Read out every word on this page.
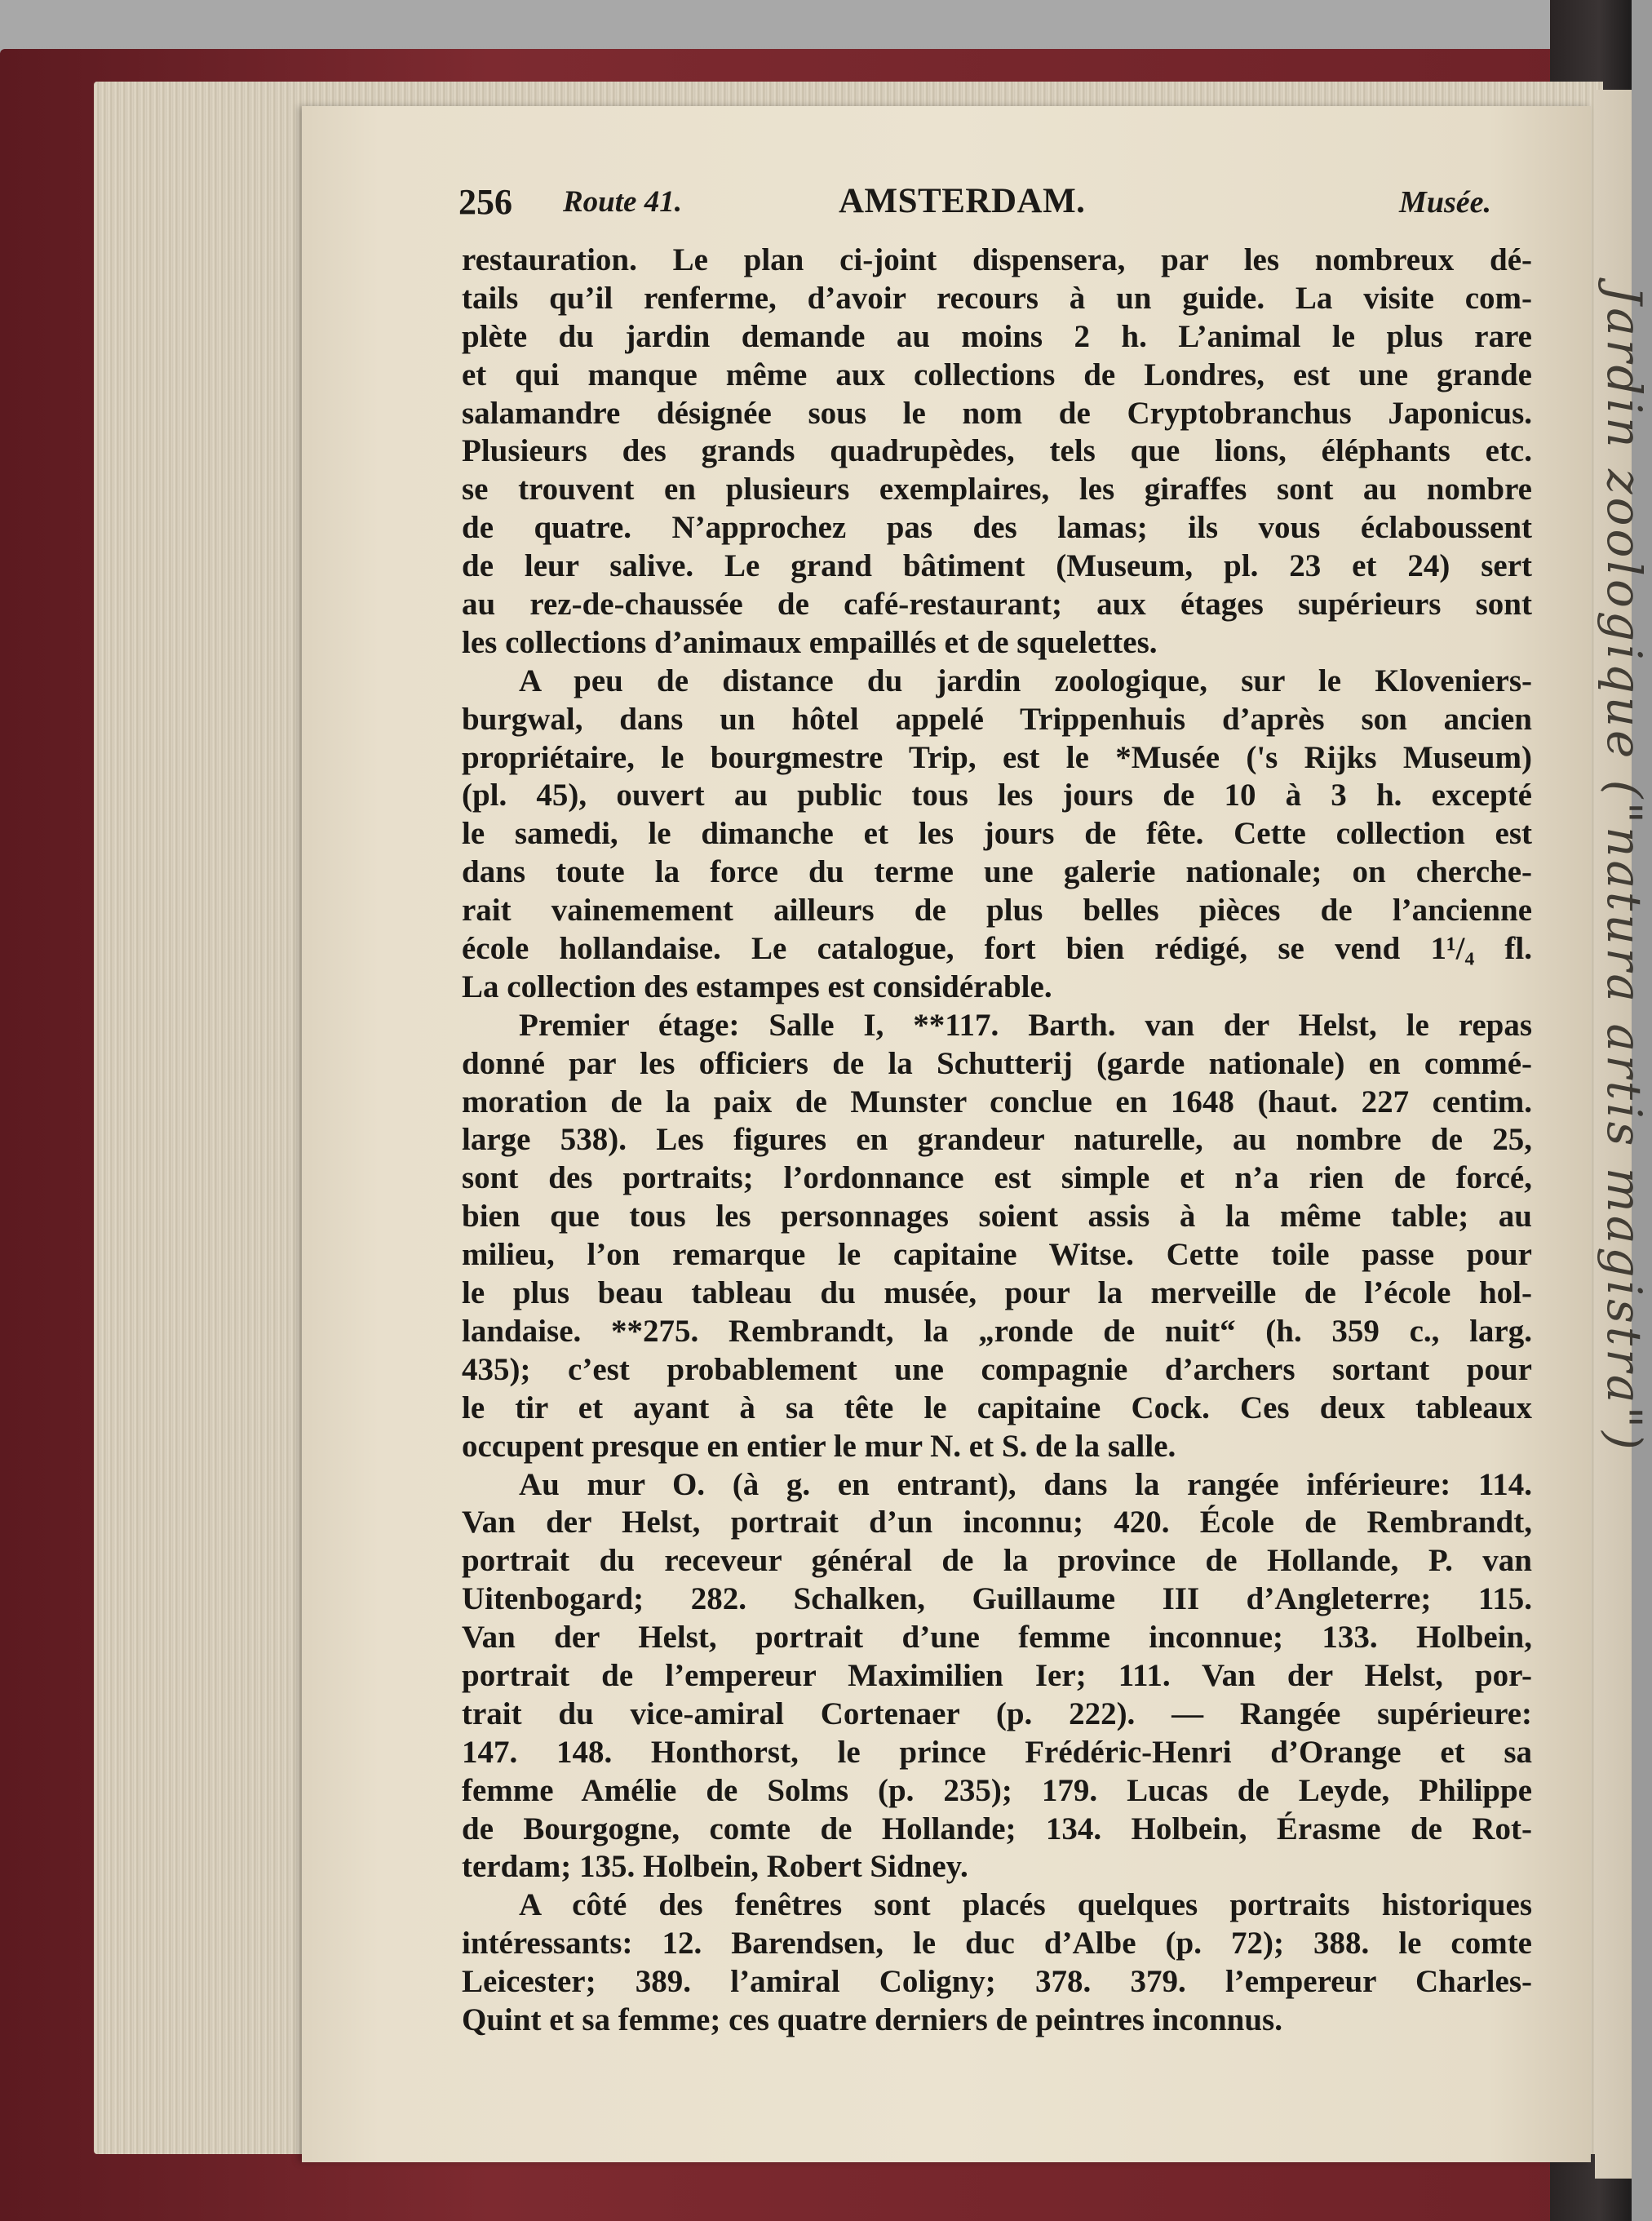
Jardin zoologique ("natura artis magistra")
256 Route 41.	AMSTERDAM.	Musée.
restauration. Le plan ci-joint dispensera, par les nombreux dé-
tails qu’il renferme, d’avoir recours à un guide. La visite com-
plète du jardin demande au moins 2 h. L’animal le plus rare
et qui manque même aux collections de Londres, est une grande
salamandre désignée sous le nom de Cryptobranchus Japonicus.
Plusieurs des grands quadrupèdes, tels que lions, éléphants etc.
se trouvent en plusieurs exemplaires, les giraffes sont au nombre
de quatre. N’approchez pas des lamas; ils vous éclaboussent
de leur salive. Le grand bâtiment (Museum, pl. 23 et 24) sert
au rez-de-chaussée de café-restaurant; aux étages supérieurs sont
les collections d’animaux empaillés et de squelettes.
A peu de distance du jardin zoologique, sur le Kloveniers-
burgwal, dans un hôtel appelé Trippenhuis d’après son ancien
propriétaire, le bourgmestre Trip, est le *Musée ('s Rijks Museum)
(pl. 45), ouvert au public tous les jours de 10 à 3 h. excepté
le samedi, le dimanche et les jours de fête. Cette collection est
dans toute la force du terme une galerie nationale; on cherche-
rait vainemement ailleurs de plus belles pièces de l’ancienne
école hollandaise. Le catalogue, fort bien rédigé, se vend 1¹/₄ fl.
La collection des estampes est considérable.
Premier étage: Salle I, **117. Barth. van der Helst, le repas
donné par les officiers de la Schutterij (garde nationale) en commé-
moration de la paix de Munster conclue en 1648 (haut. 227 centim.
large 538). Les figures en grandeur naturelle, au nombre de 25,
sont des portraits; l’ordonnance est simple et n’a rien de forcé,
bien que tous les personnages soient assis à la même table; au
milieu, l’on remarque le capitaine Witse. Cette toile passe pour
le plus beau tableau du musée, pour la merveille de l’école hol-
landaise. **275. Rembrandt, la „ronde de nuit“ (h. 359 c., larg.
435); c’est probablement une compagnie d’archers sortant pour
le tir et ayant à sa tête le capitaine Cock. Ces deux tableaux
occupent presque en entier le mur N. et S. de la salle.
Au mur O. (à g. en entrant), dans la rangée inférieure: 114.
Van der Helst, portrait d’un inconnu; 420. École de Rembrandt,
portrait du receveur général de la province de Hollande, P. van
Uitenbogard; 282. Schalken, Guillaume III d’Angleterre; 115.
Van der Helst, portrait d’une femme inconnue; 133. Holbein,
portrait de l’empereur Maximilien Ier; 111. Van der Helst, por-
trait du vice-amiral Cortenaer (p. 222). — Rangée supérieure:
147. 148. Honthorst, le prince Frédéric-Henri d’Orange et sa
femme Amélie de Solms (p. 235); 179. Lucas de Leyde, Philippe
de Bourgogne, comte de Hollande; 134. Holbein, Érasme de Rot-
terdam; 135. Holbein, Robert Sidney.
A côté des fenêtres sont placés quelques portraits historiques
intéressants: 12. Barendsen, le duc d’Albe (p. 72); 388. le comte
Leicester; 389. l’amiral Coligny; 378. 379. l’empereur Charles-
Quint et sa femme; ces quatre derniers de peintres inconnus.
